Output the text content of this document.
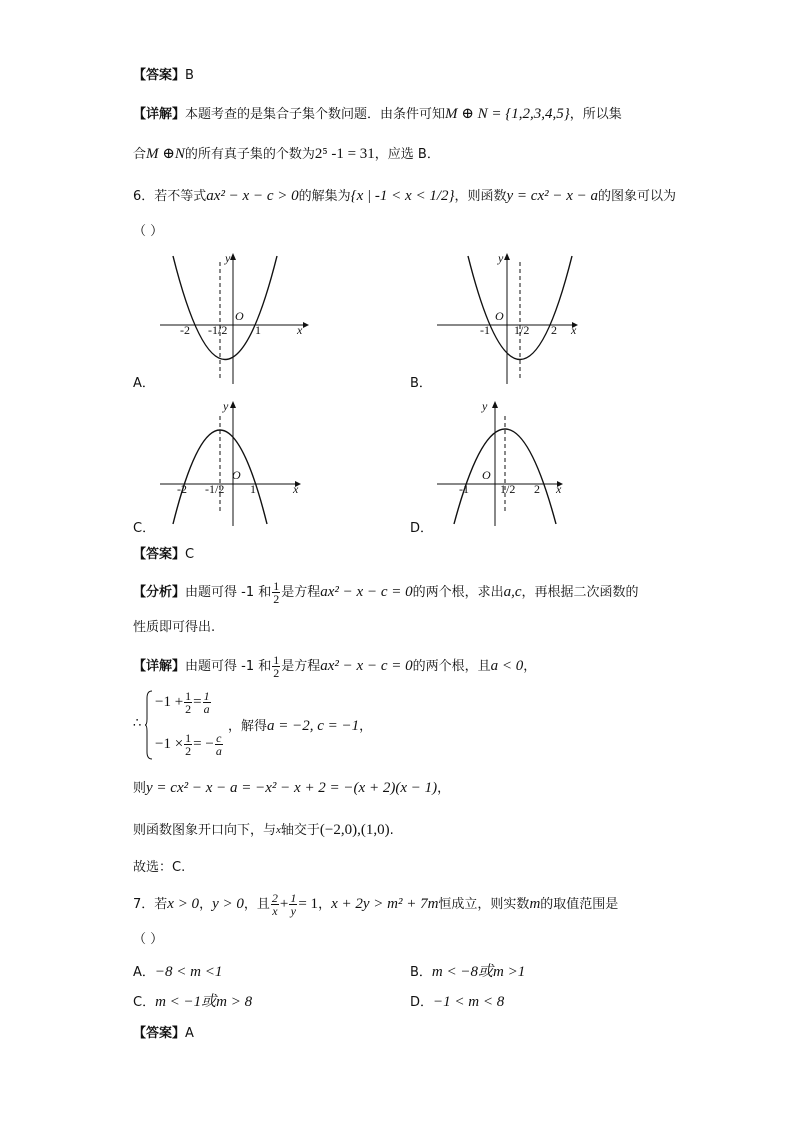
【答案】B
【详解】本题考查的是集合子集个数问题．由条件可知M ⊕ N = {1,2,3,4,5}，所以集
合M ⊕N的所有真子集的个数为2⁵ -1 = 31，应选 B．
6．若不等式ax² − x − c > 0的解集为{x | -1 < x < 1/2}，则函数y = cx² − x − a的图象可以为
（ ）
y
x
O
-2	1
-1/2
A．
y
x
O
-1	2
1/2
B．
y
x
O
-2	1
-1/2
C．
y
x
O
-1	2
1/2
D．
【答案】C
【分析】由题可得 -1 和 $\frac{1}{2}$ 是方程ax² − x − c = 0的两个根，求出a,c，再根据二次函数的
性质即可得出.
【详解】由题可得 -1 和 $\frac{1}{2}$ 是方程ax² − x − c = 0的两个根，且a < 0，
∴
$-1 + \frac{1}{2} = \frac{1}{a}$
$-1 \times \frac{1}{2}$ = − $\frac{c}{a}$
，解得a = −2, c = −1，
则y = cx² − x − a = −x² − x + 2 = −(x + 2)(x − 1)，
则函数图象开口向下，与$^x$轴交于(−2,0),(1,0).
故选：C.
7．若x > 0，y > 0，且 $\frac{2}{x} + \frac{1}{y} = 1$，x + 2y > m² + 7m恒成立，则实数m的取值范围是
（ ）
A．−8 < m <1	B．m < −8或m >1
C．m < −1或m > 8	D．−1 < m < 8
【答案】A
